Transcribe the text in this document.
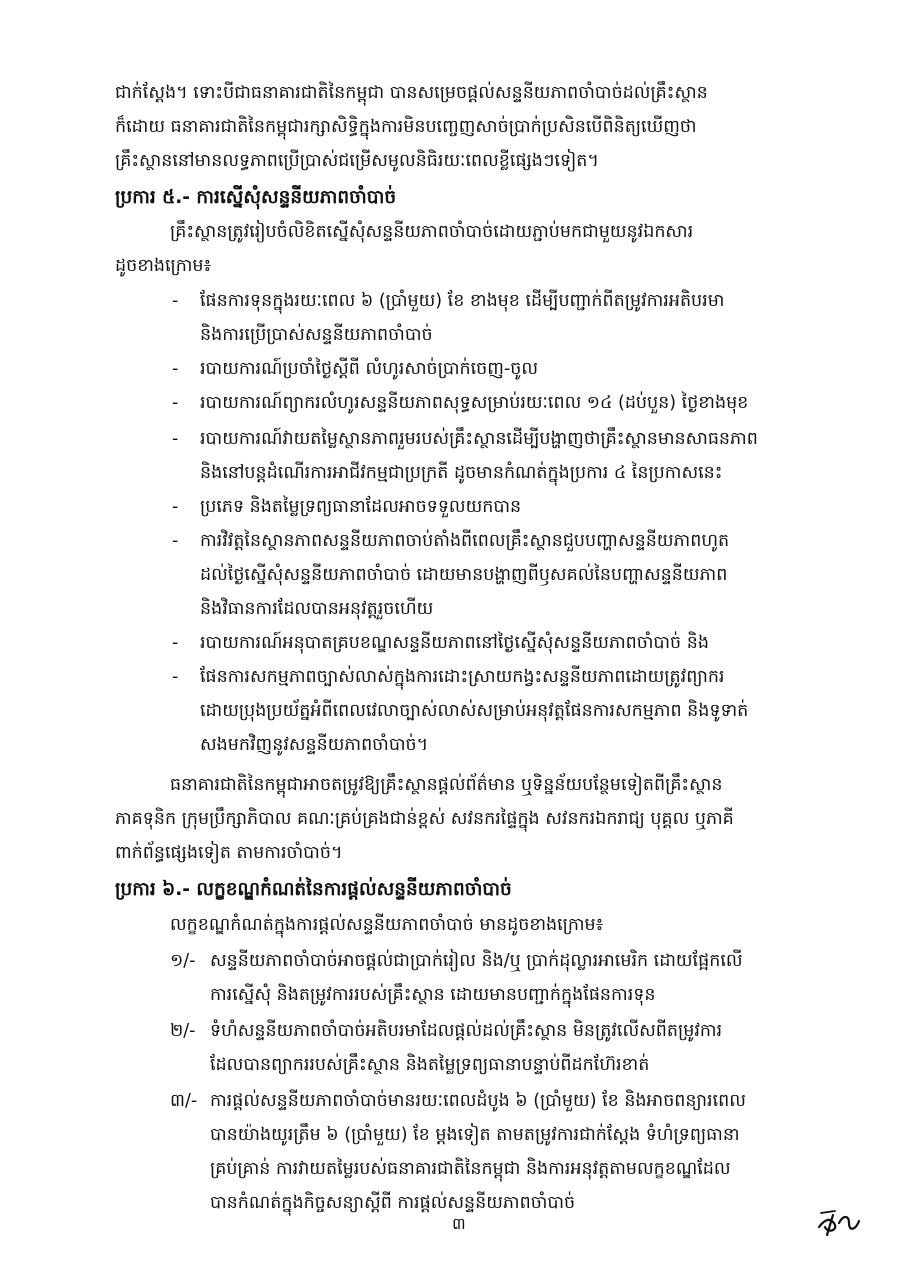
ជាក់ស្តែង។ ទោះបីជាធនាគារជាតិនៃកម្ពុជា បានសម្រេចផ្តល់សន្ទនីយភាពចាំបាច់ដល់គ្រឹះស្ថាន
ក៏ដោយ ធនាគារជាតិនៃកម្ពុជារក្សាសិទ្ធិក្នុងការមិនបញ្ចេញសាច់ប្រាក់ប្រសិនបើពិនិត្យឃើញថា
គ្រឹះស្ថាននៅមានលទ្ធភាពប្រើប្រាស់ជម្រើសមូលនិធិរយៈពេលខ្លីផ្សេងៗទៀត។
ប្រការ ៥.- ការស្នើសុំសន្ទនីយភាពចាំបាច់
គ្រឹះស្ថានត្រូវរៀបចំលិខិតស្នើសុំសន្ទនីយភាពចាំបាច់ដោយភ្ជាប់មកជាមួយនូវឯកសារ
ដូចខាងក្រោម៖
- ផែនការទុនក្នុងរយៈពេល ៦ (ប្រាំមួយ) ខែ ខាងមុខ ដើម្បីបញ្ជាក់ពីតម្រូវការអតិបរមា
និងការប្រើប្រាស់សន្ទនីយភាពចាំបាច់
- របាយការណ៍ប្រចាំថ្ងៃស្តីពី លំហូរសាច់ប្រាក់ចេញ-ចូល
- របាយការណ៍ព្យាករលំហូរសន្ទនីយភាពសុទ្ធសម្រាប់រយៈពេល ១៤ (ដប់បួន) ថ្ងៃខាងមុខ
- របាយការណ៍វាយតម្លៃស្ថានភាពរួមរបស់គ្រឹះស្ថានដើម្បីបង្ហាញថាគ្រឹះស្ថានមានសាធនភាព
និងនៅបន្តដំណើរការអាជីវកម្មជាប្រក្រតី ដូចមានកំណត់ក្នុងប្រការ ៤ នៃប្រកាសនេះ
- ប្រភេទ និងតម្លៃទ្រព្យធានាដែលអាចទទួលយកបាន
- ការវិវត្តនៃស្ថានភាពសន្ទនីយភាពចាប់តាំងពីពេលគ្រឹះស្ថានជួបបញ្ហាសន្ទនីយភាពហូត
ដល់ថ្ងៃស្នើសុំសន្ទនីយភាពចាំបាច់ ដោយមានបង្ហាញពីឫសគល់នៃបញ្ហាសន្ទនីយភាព
និងវិធានការដែលបានអនុវត្តរួចហើយ
- របាយការណ៍អនុបាតគ្របខណ្ឌសន្ទនីយភាពនៅថ្ងៃស្នើសុំសន្ទនីយភាពចាំបាច់ និង
- ផែនការសកម្មភាពច្បាស់លាស់ក្នុងការដោះស្រាយកង្វះសន្ទនីយភាពដោយត្រូវព្យាករ
ដោយប្រុងប្រយ័ត្នអំពីពេលវេលាច្បាស់លាស់សម្រាប់អនុវត្តផែនការសកម្មភាព និងទូទាត់
សងមកវិញនូវសន្ទនីយភាពចាំបាច់។
ធនាគារជាតិនៃកម្ពុជាអាចតម្រូវឱ្យគ្រឹះស្ថានផ្តល់ព័ត៌មាន ឬទិន្នន័យបន្ថែមទៀតពីគ្រឹះស្ថាន
ភាគទុនិក ក្រុមប្រឹក្សាភិបាល គណៈគ្រប់គ្រងជាន់ខ្ពស់ សវនករផ្ទៃក្នុង សវនករឯករាជ្យ បុគ្គល ឬភាគី
ពាក់ព័ន្ធផ្សេងទៀត តាមការចាំបាច់។
ប្រការ ៦.- លក្ខខណ្ឌកំណត់នៃការផ្តល់សន្ទនីយភាពចាំបាច់
លក្ខខណ្ឌកំណត់ក្នុងការផ្តល់សន្ទនីយភាពចាំបាច់ មានដូចខាងក្រោម៖
១/- សន្ទនីយភាពចាំបាច់អាចផ្តល់ជាប្រាក់រៀល និង/ឬ ប្រាក់ដុល្លារអាមេរិក ដោយផ្អែកលើ
ការស្នើសុំ និងតម្រូវការរបស់គ្រឹះស្ថាន ដោយមានបញ្ជាក់ក្នុងផែនការទុន
២/- ទំហំសន្ទនីយភាពចាំបាច់អតិបរមាដែលផ្តល់ដល់គ្រឹះស្ថាន មិនត្រូវលើសពីតម្រូវការ
ដែលបានព្យាកររបស់គ្រឹះស្ថាន និងតម្លៃទ្រព្យធានាបន្ទាប់ពីដកហ៊ែរខាត់
៣/- ការផ្តល់សន្ទនីយភាពចាំបាច់មានរយៈពេលដំបូង ៦ (ប្រាំមួយ) ខែ និងអាចពន្យារពេល
បានយ៉ាងយូរត្រឹម ៦ (ប្រាំមួយ) ខែ ម្តងទៀត តាមតម្រូវការជាក់ស្តែង ទំហំទ្រព្យធានា
គ្រប់គ្រាន់ ការវាយតម្លៃរបស់ធនាគារជាតិនៃកម្ពុជា និងការអនុវត្តតាមលក្ខខណ្ឌដែល
បានកំណត់ក្នុងកិច្ចសន្យាស្តីពី ការផ្តល់សន្ទនីយភាពចាំបាច់
៣
